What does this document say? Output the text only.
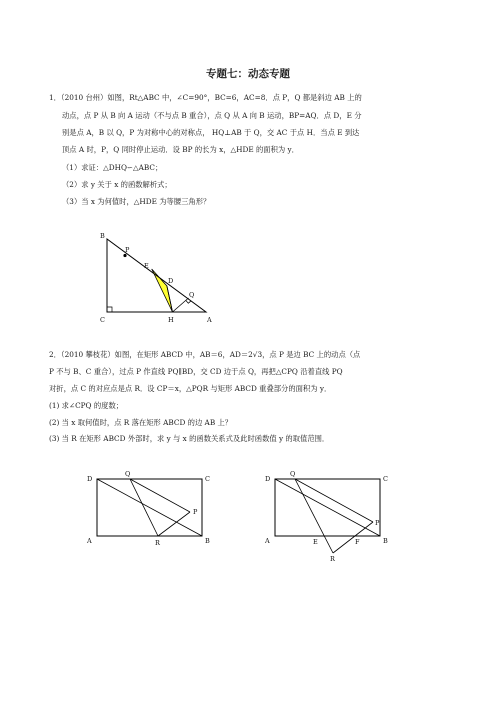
专题七：动态专题
1．（2010 台州）如图，Rt△ABC 中，∠C=90°，BC=6，AC=8．点 P，Q 都是斜边 AB 上的
动点，点 P 从 B 向 A 运动（不与点 B 重合），点 Q 从 A 向 B 运动，BP=AQ．点 D，E 分
别是点 A，B 以 Q，P 为对称中心的对称点， HQ⊥AB 于 Q，交 AC 于点 H．当点 E 到达
顶点 A 时，P，Q 同时停止运动．设 BP 的长为 x，△HDE 的面积为 y．
（1）求证：△DHQ∽△ABC；
（2）求 y 关于 x 的函数解析式；
（3）当 x 为何值时，△HDE 为等腰三角形？
B
P
E
D
Q
C	H	A
2．（2010 攀枝花）如图，在矩形 ABCD 中，AB＝6，AD＝2√3，点 P 是边 BC 上的动点（点
P 不与 B、C 重合），过点 P 作直线 PQ∥BD，交 CD 边于点 Q，再把△CPQ 沿着直线 PQ
对折，点 C 的对应点是点 R．设 CP＝x，△PQR 与矩形 ABCD 重叠部分的面积为 y．
(1) 求∠CPQ 的度数；
(2) 当 x 取何值时，点 R 落在矩形 ABCD 的边 AB 上？
(3) 当 R 在矩形 ABCD 外部时，求 y 与 x 的函数关系式及此时函数值 y 的取值范围．
D
Q
C
P
A	R	B
D
Q
C
P
A	E	F	B
R
